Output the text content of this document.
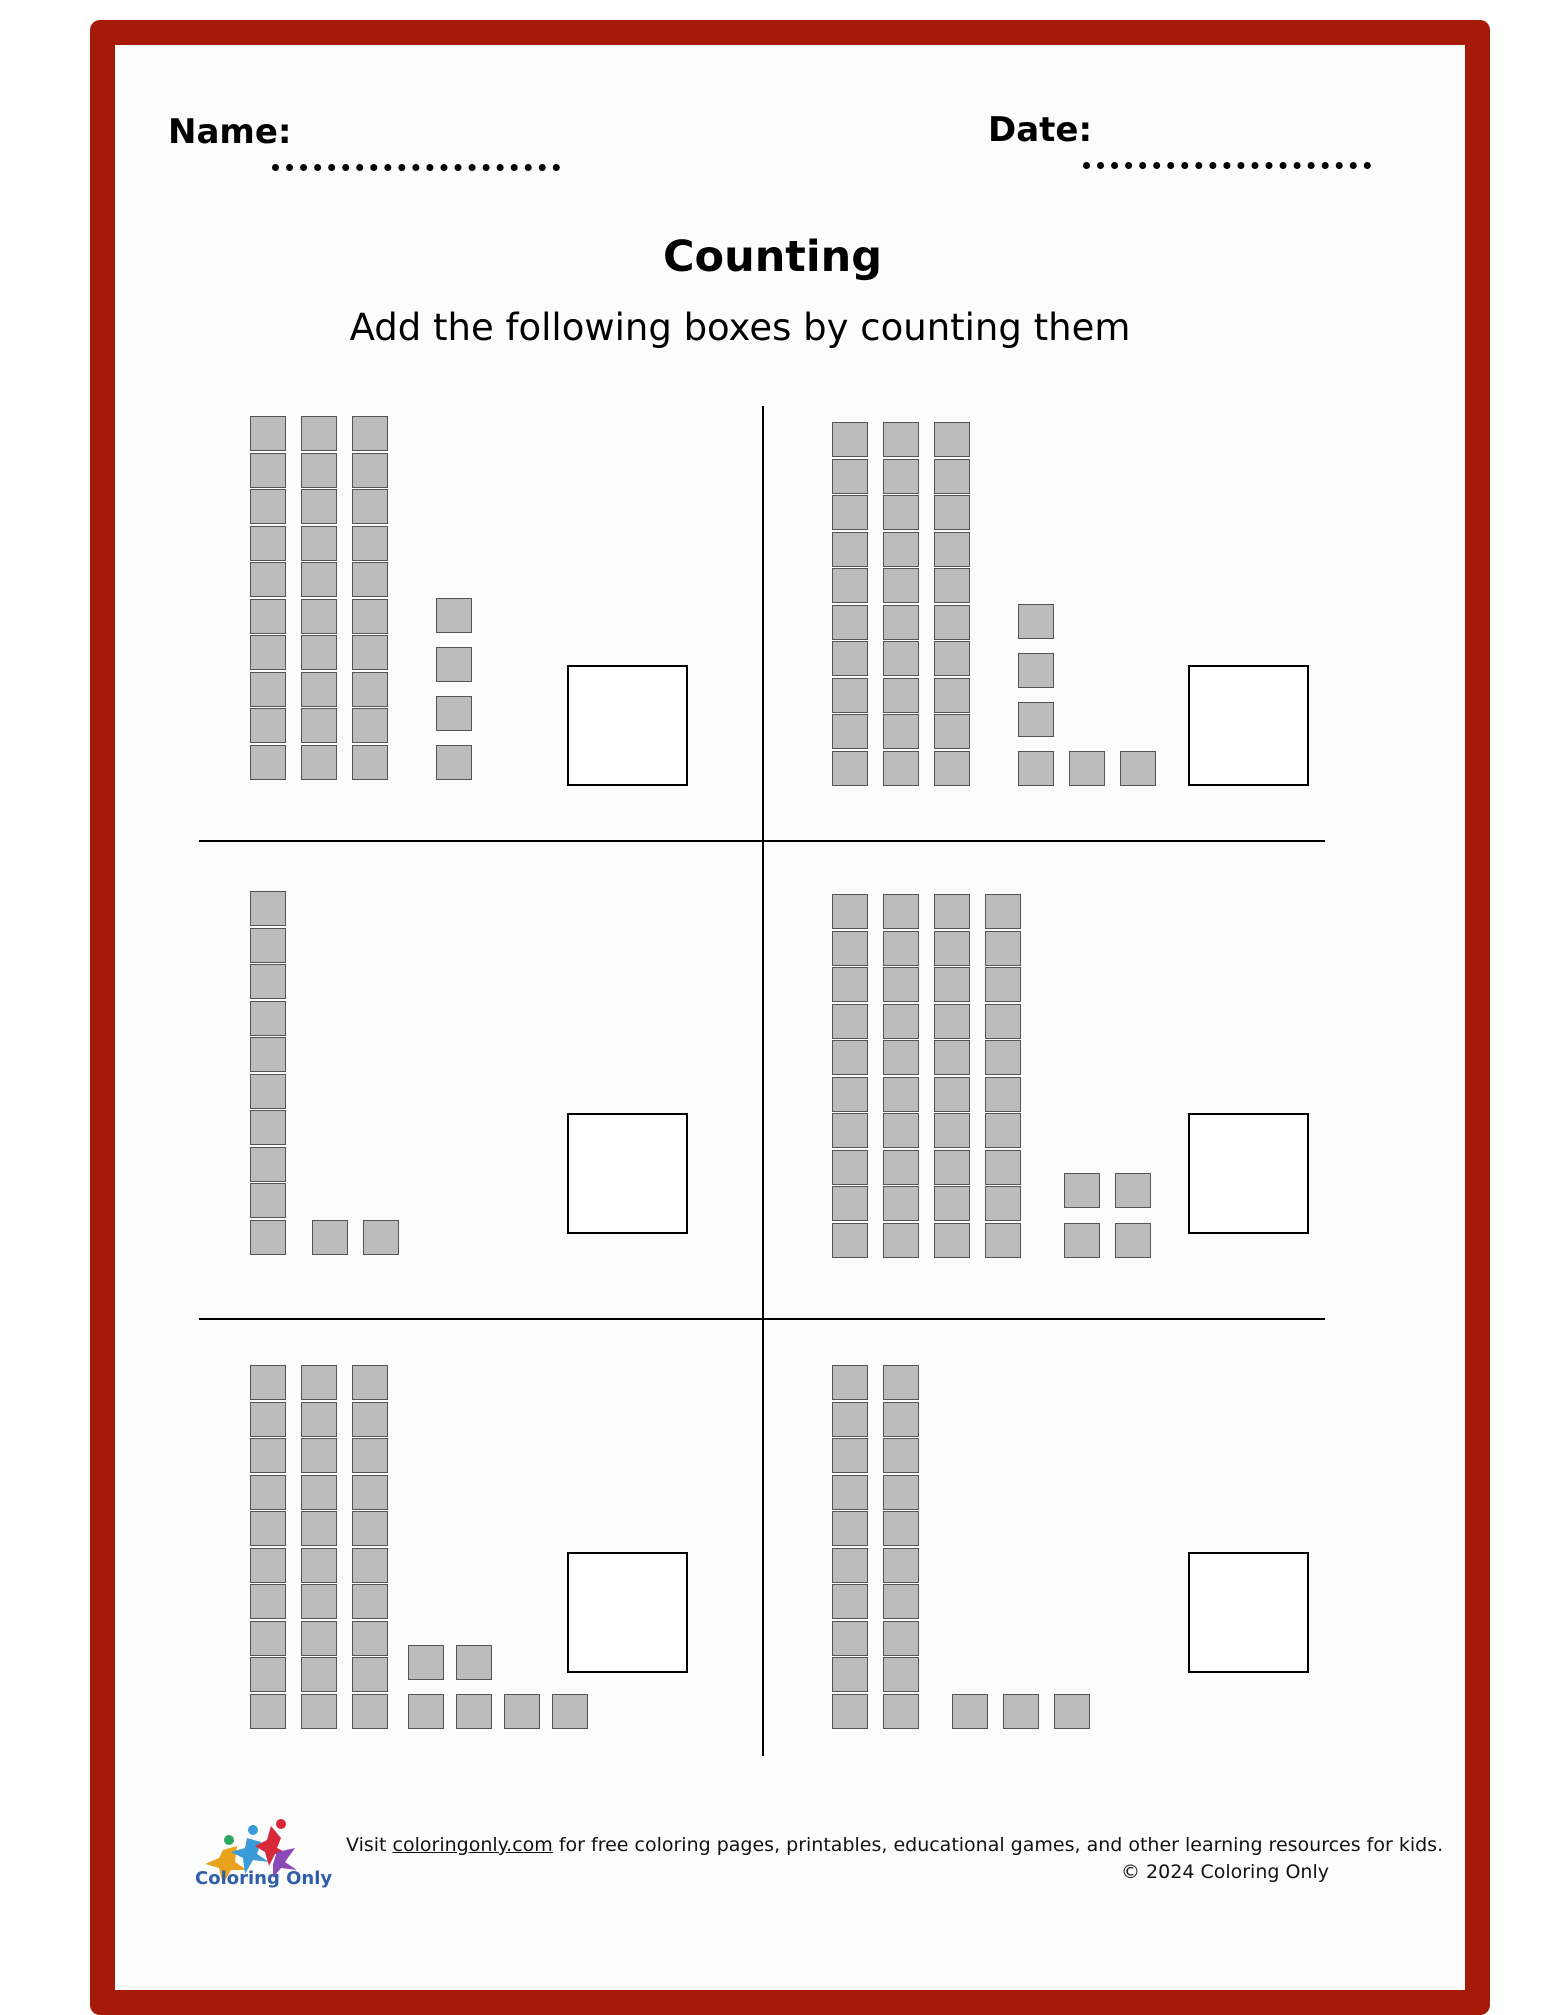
Name:	Date:
Counting
Add the following boxes by counting them
Coloring Only
Visit coloringonly.com for free coloring pages, printables, educational games, and other learning resources for kids.
© 2024 Coloring Only
